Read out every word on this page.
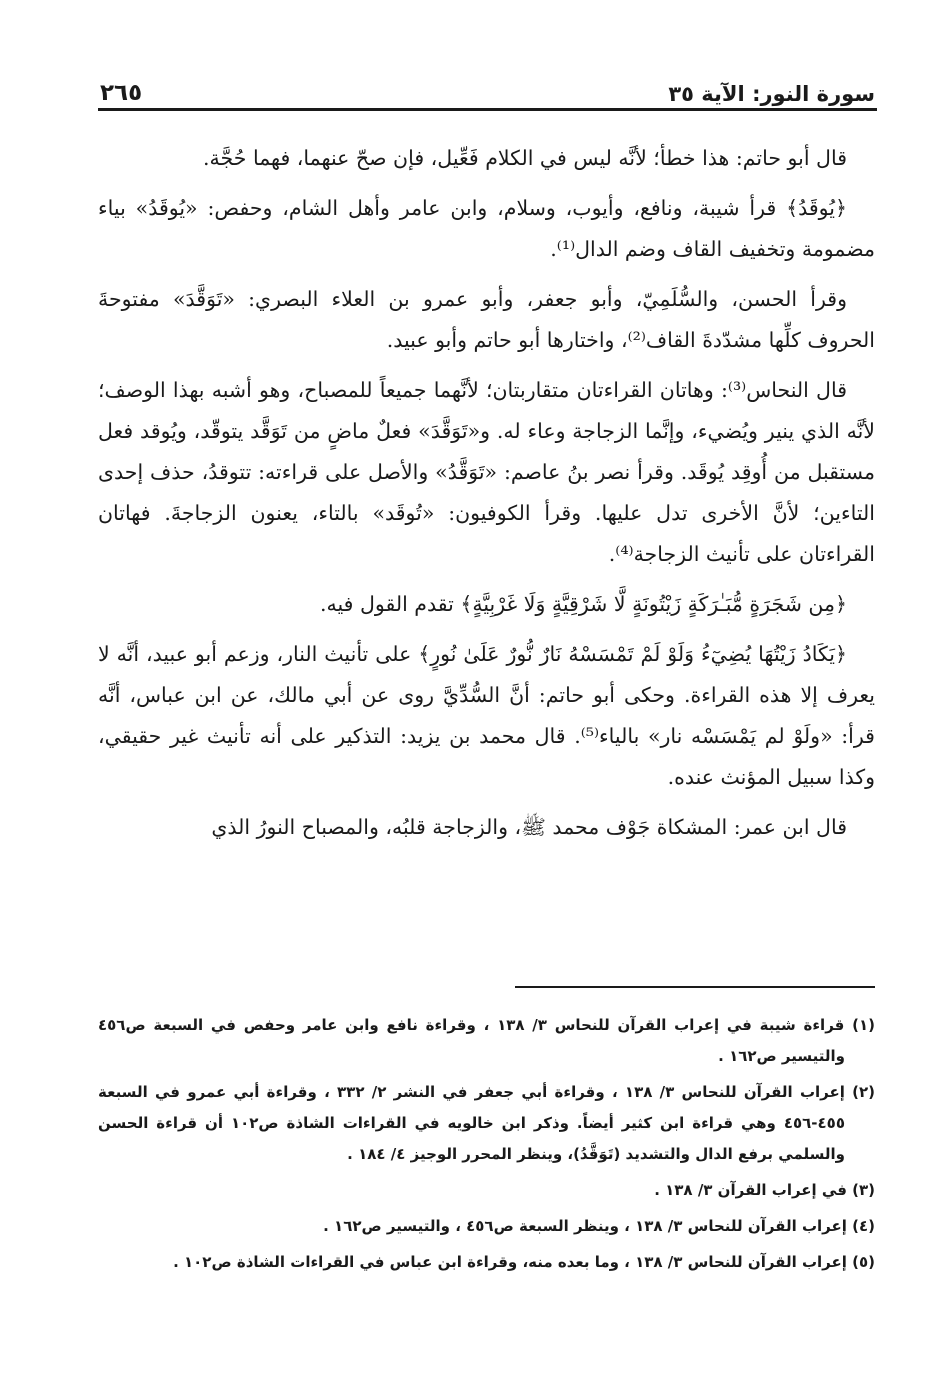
سورة النور: الآية ٣٥
٢٦٥

قال أبو حاتم: هذا خطأ؛ لأنَّه ليس في الكلام فَعِّيل، فإن صحّ عنهما، فهما حُجَّة.

﴿يُوقَدُ﴾ قرأ شيبة، ونافع، وأيوب، وسلام، وابن عامر وأهل الشام، وحفص: «يُوقَدُ» بياء مضمومة وتخفيف القاف وضم الدال⁽¹⁾.

وقرأ الحسن، والسُّلَمِيّ، وأبو جعفر، وأبو عمرو بن العلاء البصري: «تَوَقَّدَ» مفتوحةَ الحروف كلِّها مشدّدةَ القاف⁽²⁾، واختارها أبو حاتم وأبو عبيد.

قال النحاس⁽³⁾: وهاتان القراءتان متقاربتان؛ لأنَّهما جميعاً للمصباح، وهو أشبه بهذا الوصف؛ لأنَّه الذي ينير ويُضيء، وإنَّما الزجاجة وعاء له. و«تَوَقَّدَ» فعلٌ ماضٍ من تَوَقَّد يتوقّد، ويُوقد فعل مستقبل من أُوقِد يُوقَد. وقرأ نصر بنُ عاصم: «تَوَقَّدُ» والأصل على قراءته: تتوقدُ، حذف إحدى التاءين؛ لأنَّ الأخرى تدل عليها. وقرأ الكوفيون: «تُوقَد» بالتاء، يعنون الزجاجةَ. فهاتان القراءتان على تأنيث الزجاجة⁽⁴⁾.

﴿مِن شَجَرَةٍ مُّبَـٰرَكَةٍ زَيْتُونَةٍ لَّا شَرْقِيَّةٍ وَلَا غَرْبِيَّةٍ﴾ تقدم القول فيه.

﴿يَكَادُ زَيْتُهَا يُضِيٓءُ وَلَوْ لَمْ تَمْسَسْهُ نَارٌ نُّورٌ عَلَىٰ نُورٍ﴾ على تأنيث النار، وزعم أبو عبيد، أنَّه لا يعرف إلا هذه القراءة. وحكى أبو حاتم: أنَّ السُّدِّيَّ روى عن أبي مالك، عن ابن عباس، أنَّه قرأ: «ولَوْ لم يَمْسَسْه نار» بالياء⁽⁵⁾. قال محمد بن يزيد: التذكير على أنه تأنيث غير حقيقي، وكذا سبيل المؤنث عنده.

قال ابن عمر: المشكاة جَوْف محمد ﷺ، والزجاجة قلبُه، والمصباح النورُ الذي

(١) قراءة شيبة في إعراب القرآن للنحاس ٣/ ١٣٨ ، وقراءة نافع وابن عامر وحفص في السبعة ص٤٥٦ والتيسير ص١٦٢ .

(٢) إعراب القرآن للنحاس ٣/ ١٣٨ ، وقراءة أبي جعفر في النشر ٢/ ٣٣٢ ، وقراءة أبي عمرو في السبعة ٤٥٥-٤٥٦ وهي قراءة ابن كثير أيضاً. وذكر ابن خالويه في القراءات الشاذة ص١٠٢ أن قراءة الحسن والسلمي برفع الدال والتشديد (تَوَقَّدُ)، وينظر المحرر الوجيز ٤/ ١٨٤ .

(٣) في إعراب القرآن ٣/ ١٣٨ .

(٤) إعراب القرآن للنحاس ٣/ ١٣٨ ، وينظر السبعة ص٤٥٦ ، والتيسير ص١٦٢ .

(٥) إعراب القرآن للنحاس ٣/ ١٣٨ ، وما بعده منه، وقراءة ابن عباس في القراءات الشاذة ص١٠٢ .
